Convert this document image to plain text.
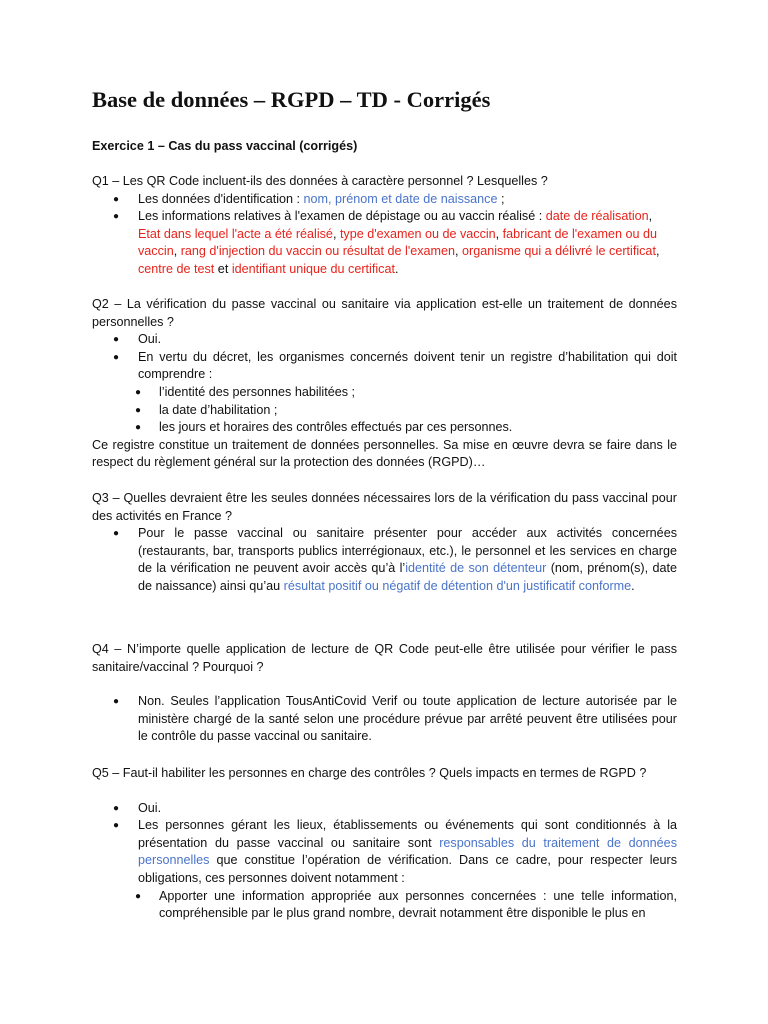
Base de données – RGPD – TD - Corrigés
Exercice 1 – Cas du pass vaccinal (corrigés)

Q1 – Les QR Code incluent-ils des données à caractère personnel ? Lesquelles ?

● Les données d'identification : nom, prénom et date de naissance ;
● Les informations relatives à l'examen de dépistage ou au vaccin réalisé : date de réalisation, Etat dans lequel l'acte a été réalisé, type d'examen ou de vaccin, fabricant de l'examen ou du vaccin, rang d'injection du vaccin ou résultat de l'examen, organisme qui a délivré le certificat, centre de test et identifiant unique du certificat.

Q2 – La vérification du passe vaccinal ou sanitaire via application est-elle un traitement de données personnelles ?

● Oui.
● En vertu du décret, les organismes concernés doivent tenir un registre d’habilitation qui doit comprendre :
● l’identité des personnes habilitées ;
● la date d’habilitation ;
● les jours et horaires des contrôles effectués par ces personnes.

Ce registre constitue un traitement de données personnelles. Sa mise en œuvre devra se faire dans le respect du règlement général sur la protection des données (RGPD)…

Q3 – Quelles devraient être les seules données nécessaires lors de la vérification du pass vaccinal pour des activités en France ?

● Pour le passe vaccinal ou sanitaire présenter pour accéder aux activités concernées (restaurants, bar, transports publics interrégionaux, etc.), le personnel et les services en charge de la vérification ne peuvent avoir accès qu’à l’identité de son détenteur (nom, prénom(s), date de naissance) ainsi qu’au résultat positif ou négatif de détention d'un justificatif conforme.

Q4 – N’importe quelle application de lecture de QR Code peut-elle être utilisée pour vérifier le pass sanitaire/vaccinal ? Pourquoi ?

● Non. Seules l’application TousAntiCovid Verif ou toute application de lecture autorisée par le ministère chargé de la santé selon une procédure prévue par arrêté peuvent être utilisées pour le contrôle du passe vaccinal ou sanitaire.

Q5 – Faut-il habiliter les personnes en charge des contrôles ? Quels impacts en termes de RGPD ?

● Oui.
● Les personnes gérant les lieux, établissements ou événements qui sont conditionnés à la présentation du passe vaccinal ou sanitaire sont responsables du traitement de données personnelles que constitue l’opération de vérification. Dans ce cadre, pour respecter leurs obligations, ces personnes doivent notamment :
● Apporter une information appropriée aux personnes concernées : une telle information, compréhensible par le plus grand nombre, devrait notamment être disponible le plus en
